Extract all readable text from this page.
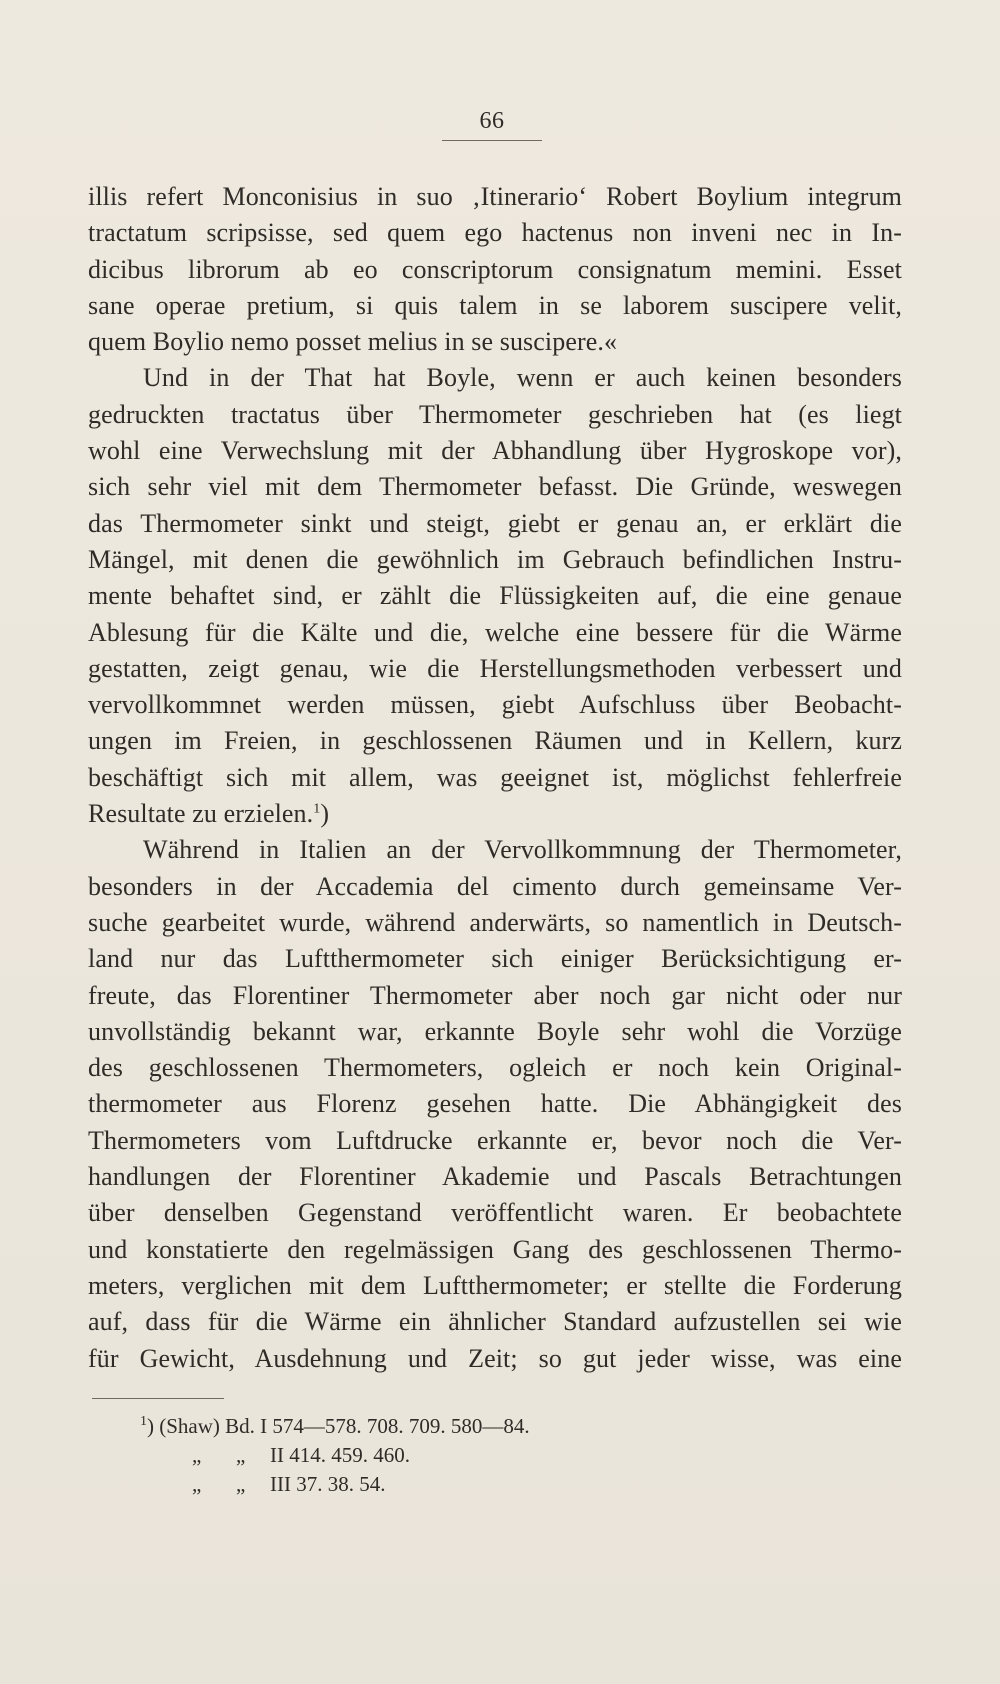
66
illis refert Monconisius in suo ‚Itinerario‘ Robert Boylium integrum
tractatum scripsisse, sed quem ego hactenus non inveni nec in In-
dicibus librorum ab eo conscriptorum consignatum memini. Esset
sane operae pretium, si quis talem in se laborem suscipere velit,
quem Boylio nemo posset melius in se suscipere.«
Und in der That hat Boyle, wenn er auch keinen besonders
gedruckten tractatus über Thermometer geschrieben hat (es liegt
wohl eine Verwechslung mit der Abhandlung über Hygroskope vor),
sich sehr viel mit dem Thermometer befasst. Die Gründe, weswegen
das Thermometer sinkt und steigt, giebt er genau an, er erklärt die
Mängel, mit denen die gewöhnlich im Gebrauch befindlichen Instru-
mente behaftet sind, er zählt die Flüssigkeiten auf, die eine genaue
Ablesung für die Kälte und die, welche eine bessere für die Wärme
gestatten, zeigt genau, wie die Herstellungsmethoden verbessert und
vervollkommnet werden müssen, giebt Aufschluss über Beobacht-
ungen im Freien, in geschlossenen Räumen und in Kellern, kurz
beschäftigt sich mit allem, was geeignet ist, möglichst fehlerfreie
Resultate zu erzielen.$^1$)
Während in Italien an der Vervollkommnung der Thermometer,
besonders in der Accademia del cimento durch gemeinsame Ver-
suche gearbeitet wurde, während anderwärts, so namentlich in Deutsch-
land nur das Luftthermometer sich einiger Berücksichtigung er-
freute, das Florentiner Thermometer aber noch gar nicht oder nur
unvollständig bekannt war, erkannte Boyle sehr wohl die Vorzüge
des geschlossenen Thermometers, ogleich er noch kein Original-
thermometer aus Florenz gesehen hatte. Die Abhängigkeit des
Thermometers vom Luftdrucke erkannte er, bevor noch die Ver-
handlungen der Florentiner Akademie und Pascals Betrachtungen
über denselben Gegenstand veröffentlicht waren. Er beobachtete
und konstatierte den regelmässigen Gang des geschlossenen Thermo-
meters, verglichen mit dem Luftthermometer; er stellte die Forderung
auf, dass für die Wärme ein ähnlicher Standard aufzustellen sei wie
für Gewicht, Ausdehnung und Zeit; so gut jeder wisse, was eine
$^1$) (Shaw) Bd. I 574—578. 708. 709. 580—84.
„ „ II 414. 459. 460.
„ „ III 37. 38. 54.
